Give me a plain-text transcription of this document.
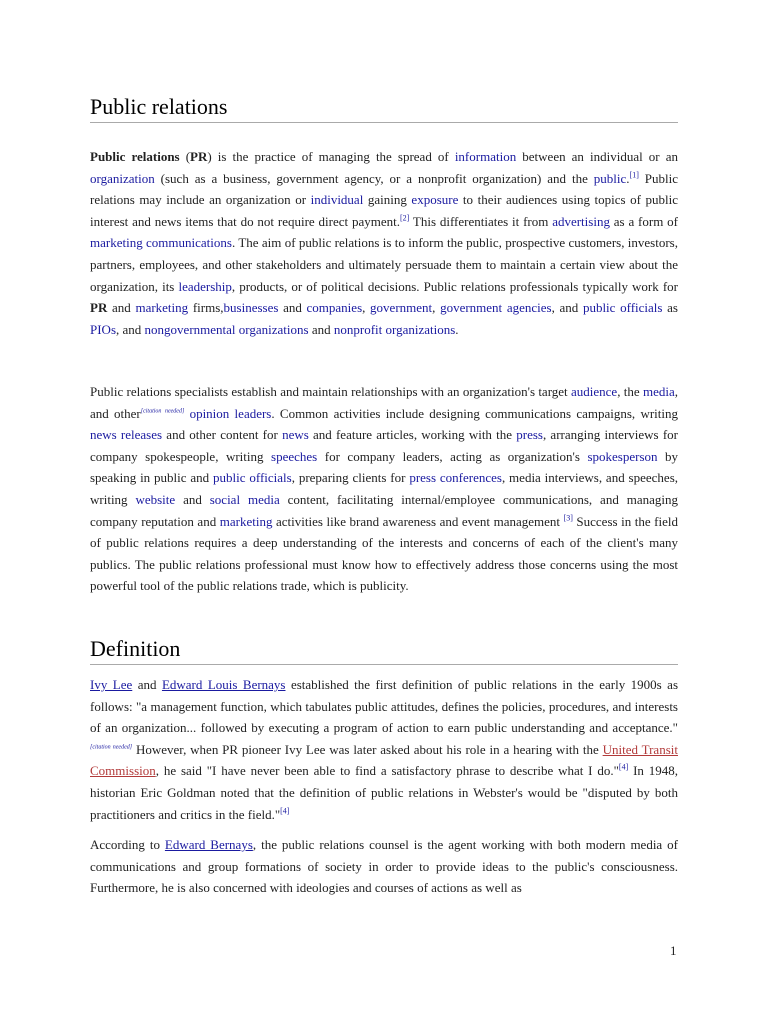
Public relations

Public relations (PR) is the practice of managing the spread of information between an individual or an organization (such as a business, government agency, or a nonprofit organization) and the public.[1] Public relations may include an organization or individual gaining exposure to their audiences using topics of public interest and news items that do not require direct payment.[2] This differentiates it from advertising as a form of marketing communications. The aim of public relations is to inform the public, prospective customers, investors, partners, employees, and other stakeholders and ultimately persuade them to maintain a certain view about the organization, its leadership, products, or of political decisions. Public relations professionals typically work for PR and marketing firms,businesses and companies, government, government agencies, and public officials as PIOs, and nongovernmental organizations and nonprofit organizations.

Public relations specialists establish and maintain relationships with an organization's target audience, the media, and other[citation needed] opinion leaders. Common activities include designing communications campaigns, writing news releases and other content for news and feature articles, working with the press, arranging interviews for company spokespeople, writing speeches for company leaders, acting as organization's spokesperson by speaking in public and public officials, preparing clients for press conferences, media interviews, and speeches, writing website and social media content, facilitating internal/employee communications, and managing company reputation and marketing activities like brand awareness and event management [3] Success in the field of public relations requires a deep understanding of the interests and concerns of each of the client's many publics. The public relations professional must know how to effectively address those concerns using the most powerful tool of the public relations trade, which is publicity.

Definition

Ivy Lee and Edward Louis Bernays established the first definition of public relations in the early 1900s as follows: "a management function, which tabulates public attitudes, defines the policies, procedures, and interests of an organization... followed by executing a program of action to earn public understanding and acceptance."[citation needed] However, when PR pioneer Ivy Lee was later asked about his role in a hearing with the United Transit Commission, he said "I have never been able to find a satisfactory phrase to describe what I do."[4] In 1948, historian Eric Goldman noted that the definition of public relations in Webster's would be "disputed by both practitioners and critics in the field."[4]

According to Edward Bernays, the public relations counsel is the agent working with both modern media of communications and group formations of society in order to provide ideas to the public's consciousness. Furthermore, he is also concerned with ideologies and courses of actions as well as

1
